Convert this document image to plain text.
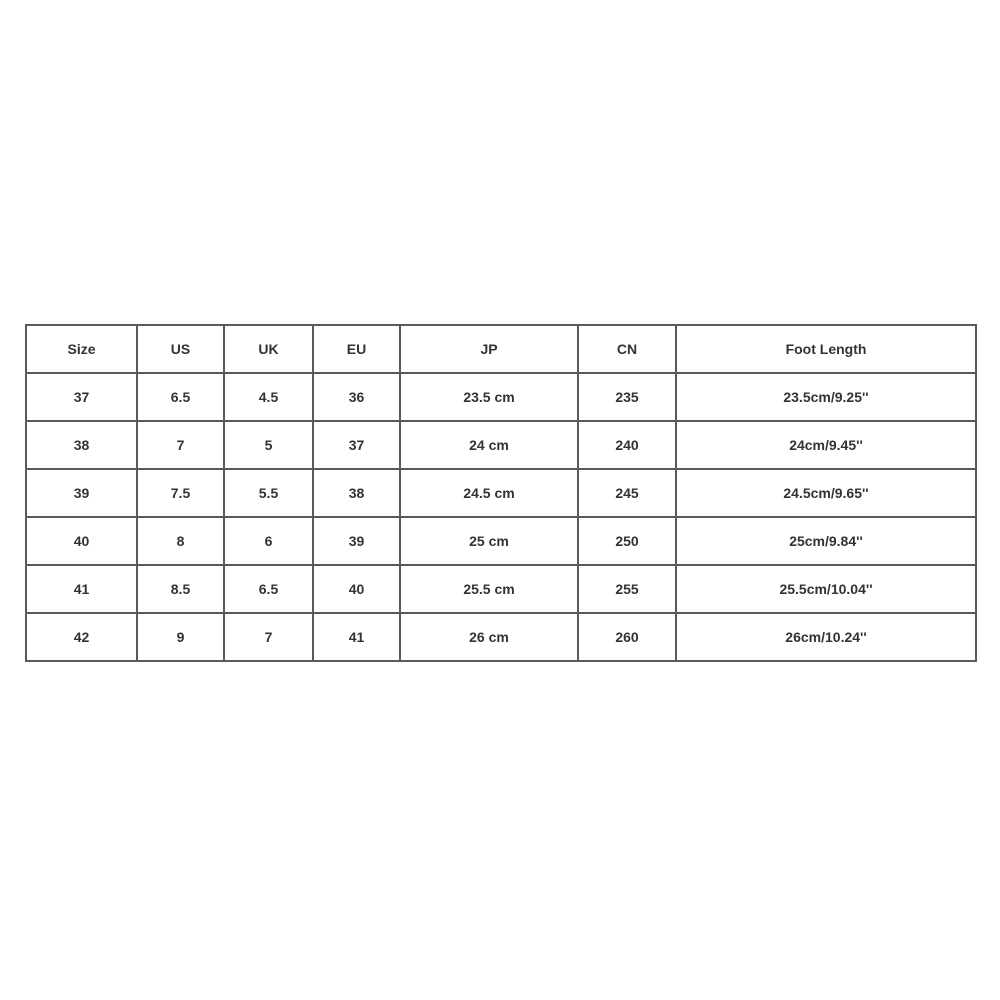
Size	US	UK	EU	JP	CN	Foot Length
37	6.5	4.5	36	23.5 cm	235	23.5cm/9.25''
38	7	5	37	24 cm	240	24cm/9.45''
39	7.5	5.5	38	24.5 cm	245	24.5cm/9.65''
40	8	6	39	25 cm	250	25cm/9.84''
41	8.5	6.5	40	25.5 cm	255	25.5cm/10.04''
42	9	7	41	26 cm	260	26cm/10.24''
